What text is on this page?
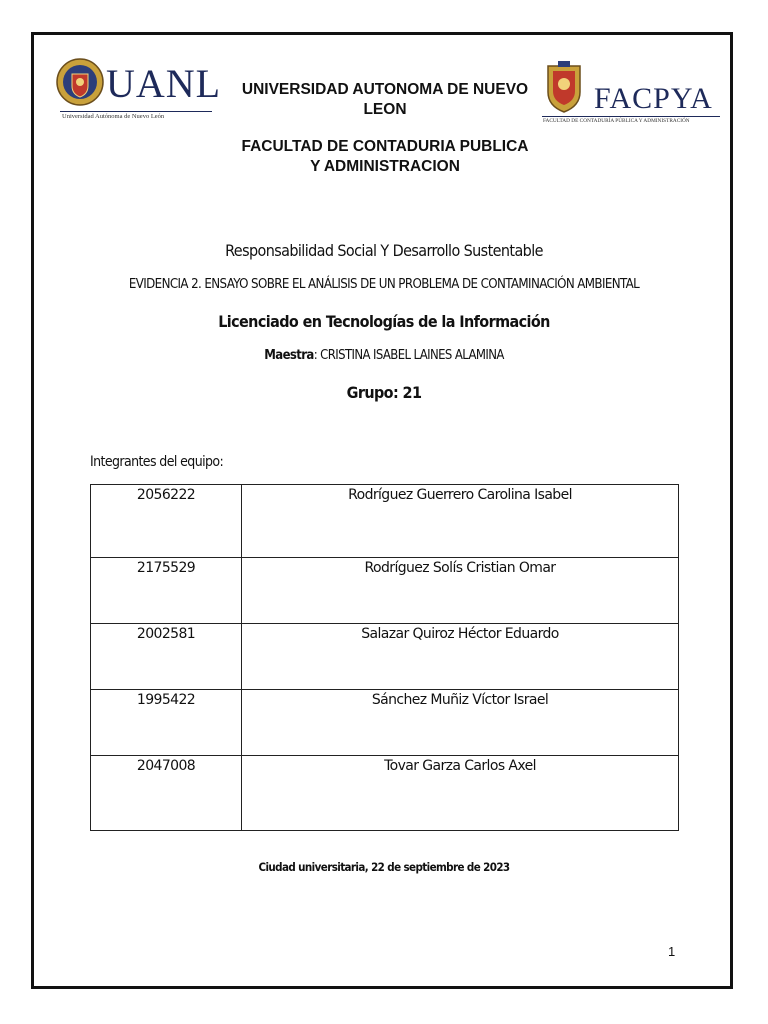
UANL
Universidad Autónoma de Nuevo León
UNIVERSIDAD AUTONOMA DE NUEVO LEON
FACULTAD DE CONTADURIA PUBLICA Y ADMINISTRACION
FACPYA
FACULTAD DE CONTADURÍA PÚBLICA Y ADMINISTRACIÓN
Responsabilidad Social Y Desarrollo Sustentable
EVIDENCIA 2. ENSAYO SOBRE EL ANÁLISIS DE UN PROBLEMA DE CONTAMINACIÓN AMBIENTAL
Licenciado en Tecnologías de la Información
Maestra: CRISTINA ISABEL LAINES ALAMINA
Grupo: 21
Integrantes del equipo:
2056222	Rodríguez Guerrero Carolina Isabel
2175529	Rodríguez Solís Cristian Omar
2002581	Salazar Quiroz Héctor Eduardo
1995422	Sánchez Muñiz Víctor Israel
2047008	Tovar Garza Carlos Axel
Ciudad universitaria, 22 de septiembre de 2023
1
